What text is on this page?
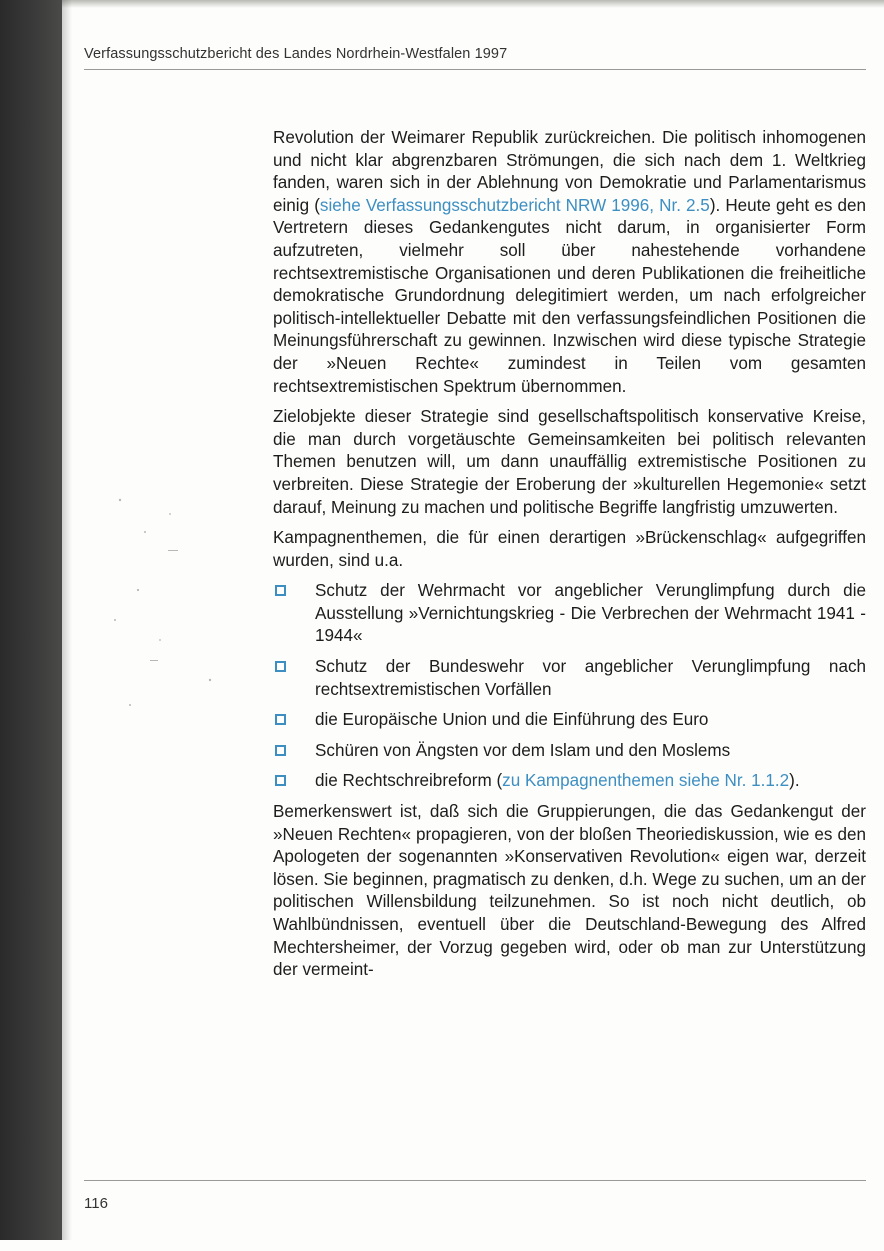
Verfassungsschutzbericht des Landes Nordrhein-Westfalen 1997

Revolution der Weimarer Republik zurückreichen. Die politisch inhomogenen und nicht klar abgrenzbaren Strömungen, die sich nach dem 1. Weltkrieg fanden, waren sich in der Ablehnung von Demokratie und Parlamentarismus einig (siehe Verfassungsschutzbericht NRW 1996, Nr. 2.5). Heute geht es den Vertretern dieses Gedankengutes nicht darum, in organisierter Form aufzutreten, vielmehr soll über nahestehende vorhandene rechtsextremistische Organisationen und deren Publikationen die freiheitliche demokratische Grundordnung delegitimiert werden, um nach erfolgreicher politisch-intellektueller Debatte mit den verfassungsfeindlichen Positionen die Meinungsführerschaft zu gewinnen. Inzwischen wird diese typische Strategie der »Neuen Rechte« zumindest in Teilen vom gesamten rechtsextremistischen Spektrum übernommen.

Zielobjekte dieser Strategie sind gesellschaftspolitisch konservative Kreise, die man durch vorgetäuschte Gemeinsamkeiten bei politisch relevanten Themen benutzen will, um dann unauffällig extremistische Positionen zu verbreiten. Diese Strategie der Eroberung der »kulturellen Hegemonie« setzt darauf, Meinung zu machen und politische Begriffe langfristig umzuwerten.

Kampagnenthemen, die für einen derartigen »Brückenschlag« aufgegriffen wurden, sind u.a.

Schutz der Wehrmacht vor angeblicher Verunglimpfung durch die Ausstellung »Vernichtungskrieg - Die Verbrechen der Wehrmacht 1941 - 1944«
Schutz der Bundeswehr vor angeblicher Verunglimpfung nach rechtsextremistischen Vorfällen
die Europäische Union und die Einführung des Euro
Schüren von Ängsten vor dem Islam und den Moslems
die Rechtschreibreform (zu Kampagnenthemen siehe Nr. 1.1.2).

Bemerkenswert ist, daß sich die Gruppierungen, die das Gedankengut der »Neuen Rechten« propagieren, von der bloßen Theoriediskussion, wie es den Apologeten der sogenannten »Konservativen Revolution« eigen war, derzeit lösen. Sie beginnen, pragmatisch zu denken, d.h. Wege zu suchen, um an der politischen Willensbildung teilzunehmen. So ist noch nicht deutlich, ob Wahlbündnissen, eventuell über die Deutschland-Bewegung des Alfred Mechtersheimer, der Vorzug gegeben wird, oder ob man zur Unterstützung der vermeint-

116
